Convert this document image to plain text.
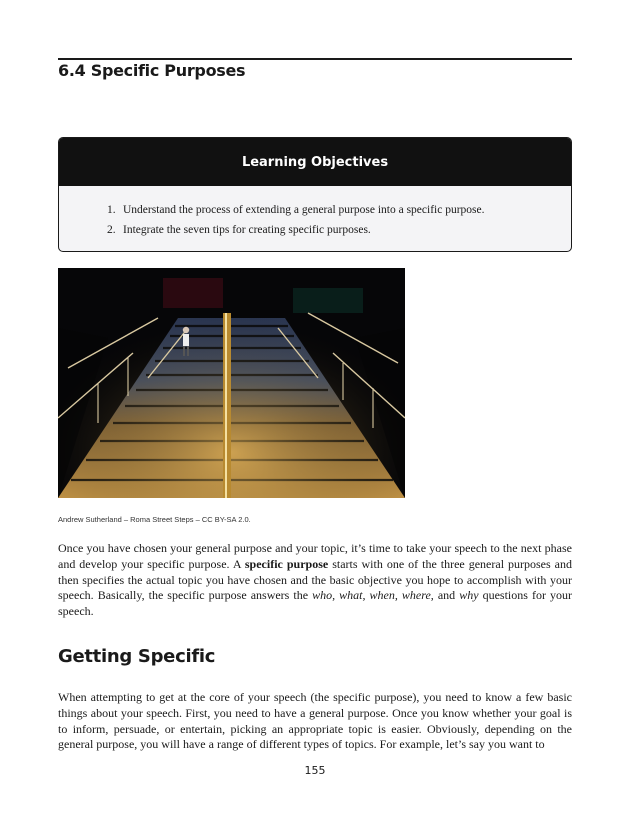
6.4 Specific Purposes
Learning Objectives
1. Understand the process of extending a general purpose into a specific purpose.
2. Integrate the seven tips for creating specific purposes.

Andrew Sutherland – Roma Street Steps – CC BY-SA 2.0.

Once you have chosen your general purpose and your topic, it’s time to take your speech to the next phase and develop your specific purpose. A specific purpose starts with one of the three general purposes and then specifies the actual topic you have chosen and the basic objective you hope to accomplish with your speech. Basically, the specific purpose answers the who, what, when, where, and why questions for your speech.

Getting Specific

When attempting to get at the core of your speech (the specific purpose), you need to know a few basic things about your speech. First, you need to have a general purpose. Once you know whether your goal is to inform, persuade, or entertain, picking an appropriate topic is easier. Obviously, depending on the general purpose, you will have a range of different types of topics. For example, let’s say you want to

155
